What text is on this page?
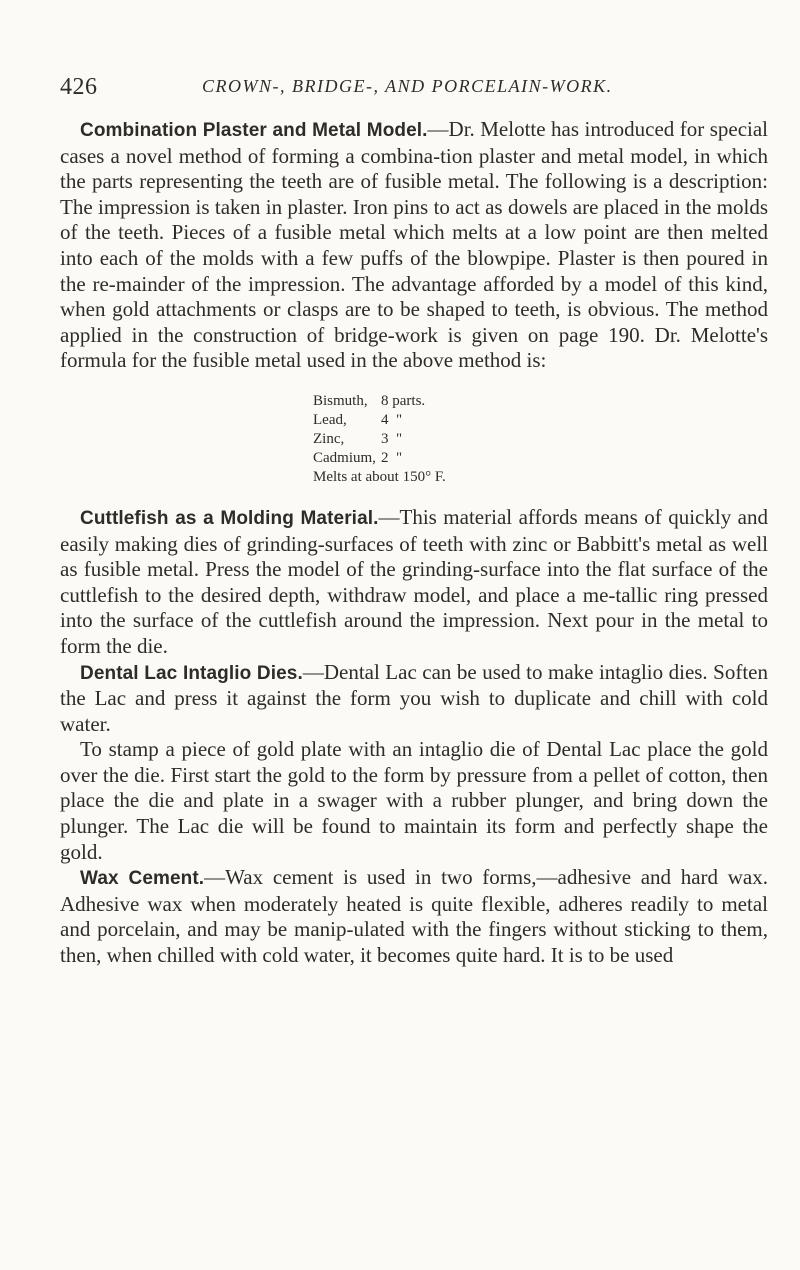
426	CROWN-, BRIDGE-, AND PORCELAIN-WORK.

Combination Plaster and Metal Model.—Dr. Melotte has introduced for special cases a novel method of forming a combina-tion plaster and metal model, in which the parts representing the teeth are of fusible metal. The following is a description: The impression is taken in plaster. Iron pins to act as dowels are placed in the molds of the teeth. Pieces of a fusible metal which melts at a low point are then melted into each of the molds with a few puffs of the blowpipe. Plaster is then poured in the re-mainder of the impression. The advantage afforded by a model of this kind, when gold attachments or clasps are to be shaped to teeth, is obvious. The method applied in the construction of bridge-work is given on page 190. Dr. Melotte's formula for the fusible metal used in the above method is:

Bismuth, 8 parts.
Lead,	4  "
Zinc,	3  "
Cadmium, 2  "
Melts at about 150° F.

Cuttlefish as a Molding Material.—This material affords means of quickly and easily making dies of grinding-surfaces of teeth with zinc or Babbitt's metal as well as fusible metal. Press the model of the grinding-surface into the flat surface of the cuttlefish to the desired depth, withdraw model, and place a me-tallic ring pressed into the surface of the cuttlefish around the impression. Next pour in the metal to form the die.

Dental Lac Intaglio Dies.—Dental Lac can be used to make intaglio dies. Soften the Lac and press it against the form you wish to duplicate and chill with cold water.

To stamp a piece of gold plate with an intaglio die of Dental Lac place the gold over the die. First start the gold to the form by pressure from a pellet of cotton, then place the die and plate in a swager with a rubber plunger, and bring down the plunger. The Lac die will be found to maintain its form and perfectly shape the gold.

Wax Cement.—Wax cement is used in two forms,—adhesive and hard wax. Adhesive wax when moderately heated is quite flexible, adheres readily to metal and porcelain, and may be manip-ulated with the fingers without sticking to them, then, when chilled with cold water, it becomes quite hard. It is to be used
